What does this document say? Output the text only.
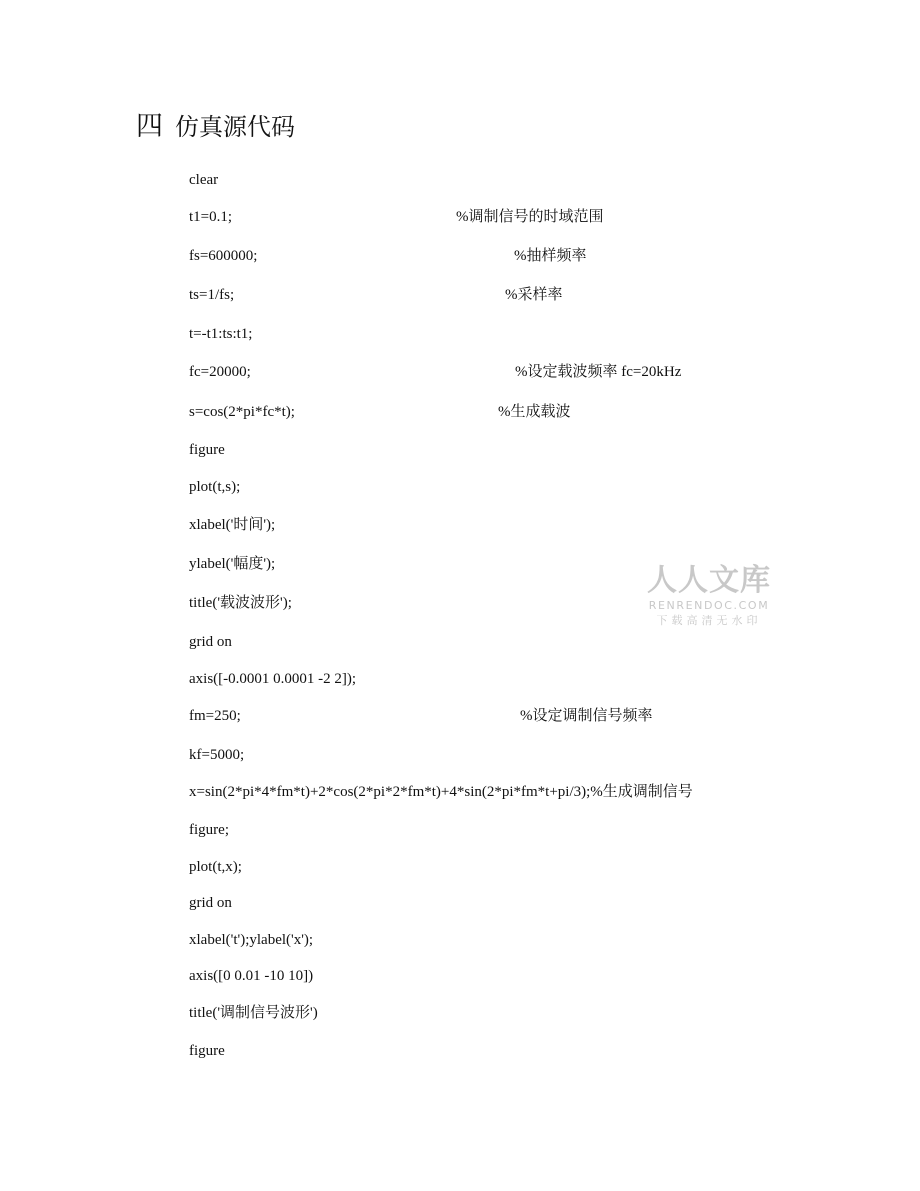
四 仿真源代码
clear
t1=0.1;	%调制信号的时域范围
fs=600000;	%抽样频率
ts=1/fs;	%采样率
t=-t1:ts:t1;
fc=20000;	%设定载波频率 fc=20kHz
s=cos(2*pi*fc*t);	%生成载波
figure
plot(t,s);
xlabel('时间');
ylabel('幅度');
title('载波波形');
grid on
axis([-0.0001 0.0001 -2 2]);
fm=250;	%设定调制信号频率
kf=5000;
x=sin(2*pi*4*fm*t)+2*cos(2*pi*2*fm*t)+4*sin(2*pi*fm*t+pi/3);%生成调制信号
figure;
plot(t,x);
grid on
xlabel('t');ylabel('x');
axis([0 0.01 -10 10])
title('调制信号波形')
figure
人人文库
RENRENDOC.COM
下载高清无水印
